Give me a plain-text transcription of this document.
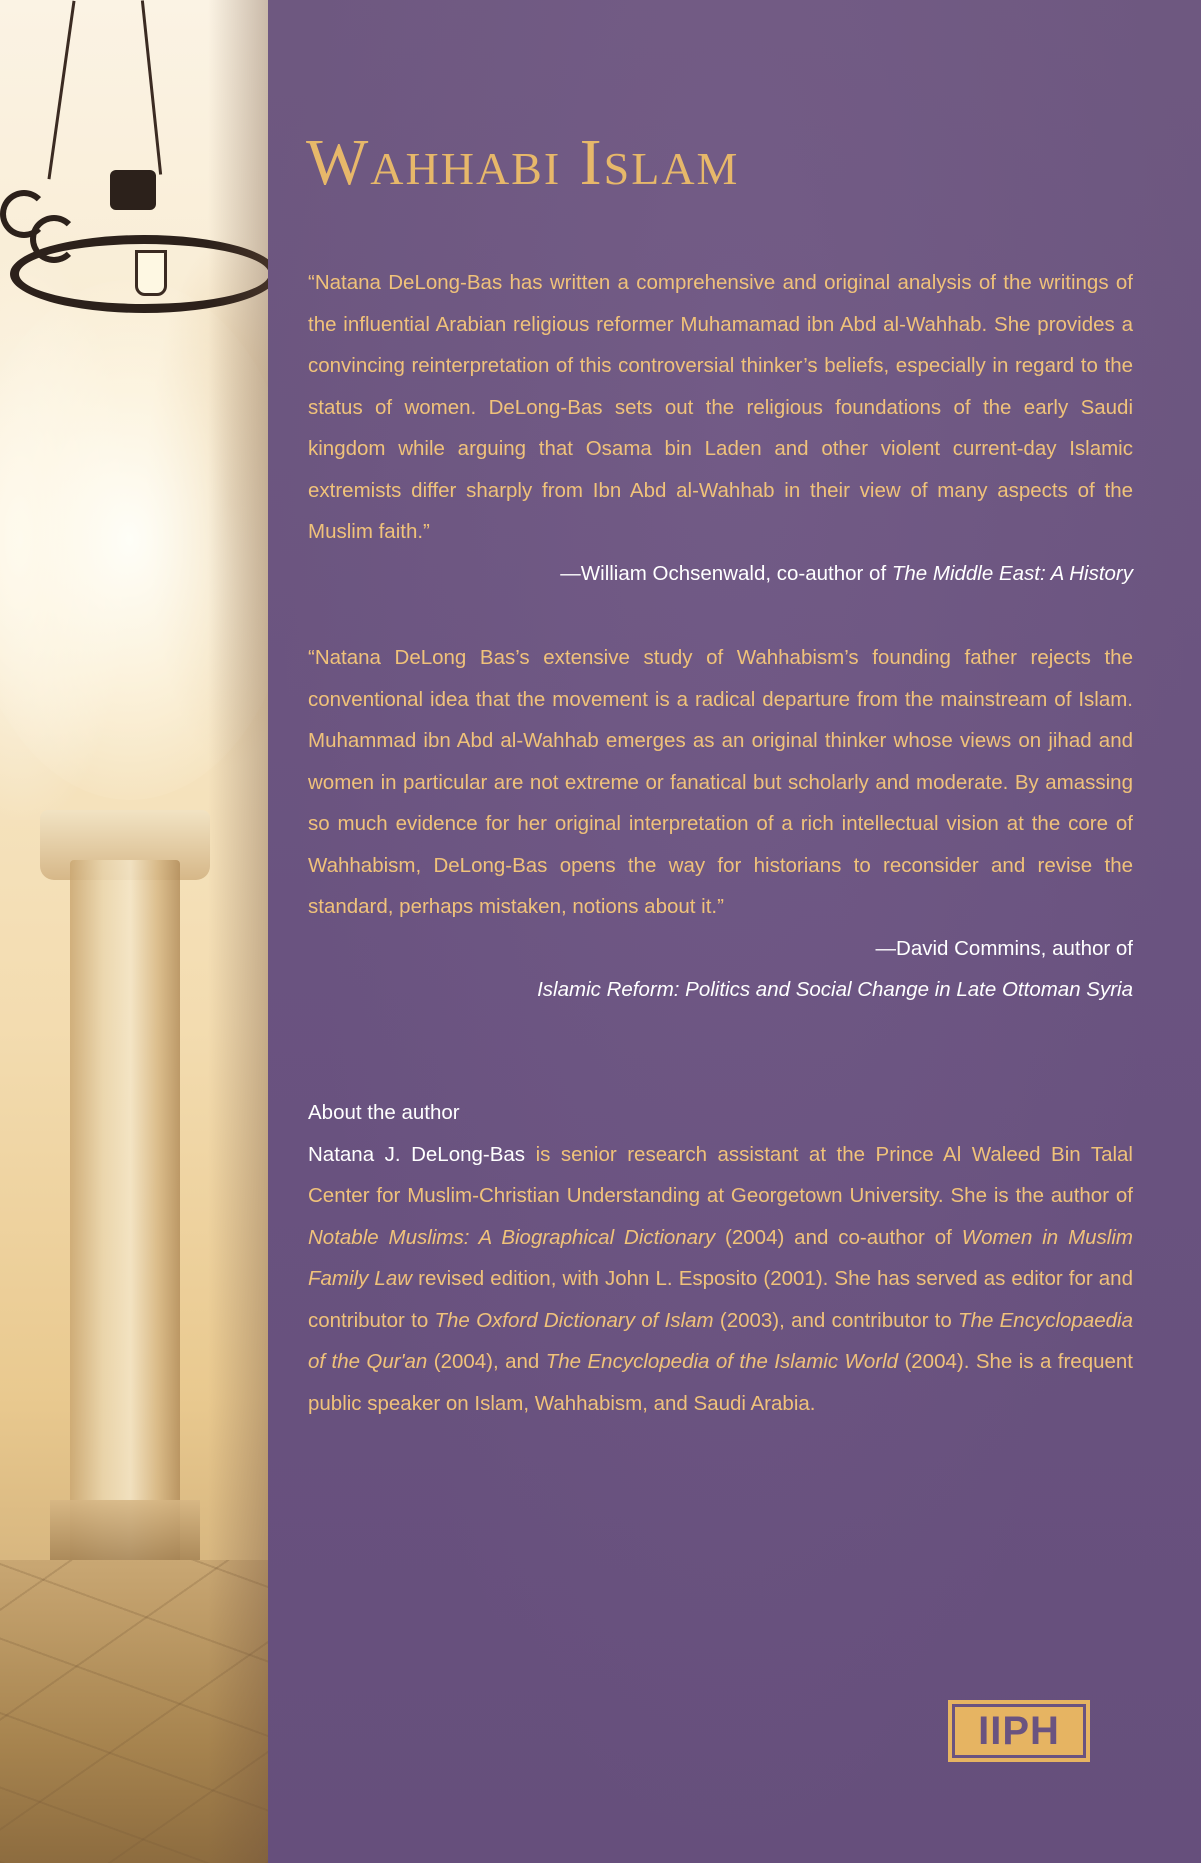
Wahhabi Islam

“Natana DeLong-Bas has written a comprehensive and original analysis of the writings of the influential Arabian religious reformer Muhamamad ibn Abd al-Wahhab. She provides a convincing reinterpretation of this controversial thinker’s beliefs, especially in regard to the status of women. DeLong-Bas sets out the religious foundations of the early Saudi kingdom while arguing that Osama bin Laden and other violent current-day Islamic extremists differ sharply from Ibn Abd al-Wahhab in their view of many aspects of the Muslim faith.”

—William Ochsenwald, co-author of The Middle East: A History

“Natana DeLong Bas’s extensive study of Wahhabism’s founding father rejects the conventional idea that the movement is a radical departure from the mainstream of Islam. Muhammad ibn Abd al-Wahhab emerges as an original thinker whose views on jihad and women in particular are not extreme or fanatical but scholarly and moderate. By amassing so much evidence for her original interpretation of a rich intellectual vision at the core of Wahhabism, DeLong-Bas opens the way for historians to reconsider and revise the standard, perhaps mistaken, notions about it.”

—David Commins, author of

Islamic Reform: Politics and Social Change in Late Ottoman Syria

About the author

Natana J. DeLong-Bas is senior research assistant at the Prince Al Waleed Bin Talal Center for Muslim-Christian Understanding at Georgetown University. She is the author of Notable Muslims: A Biographical Dictionary (2004) and co-author of Women in Muslim Family Law revised edition, with John L. Esposito (2001). She has served as editor for and contributor to The Oxford Dictionary of Islam (2003), and contributor to The Encyclopaedia of the Qur'an (2004), and The Encyclopedia of the Islamic World (2004). She is a frequent public speaker on Islam, Wahhabism, and Saudi Arabia.

IIPH
